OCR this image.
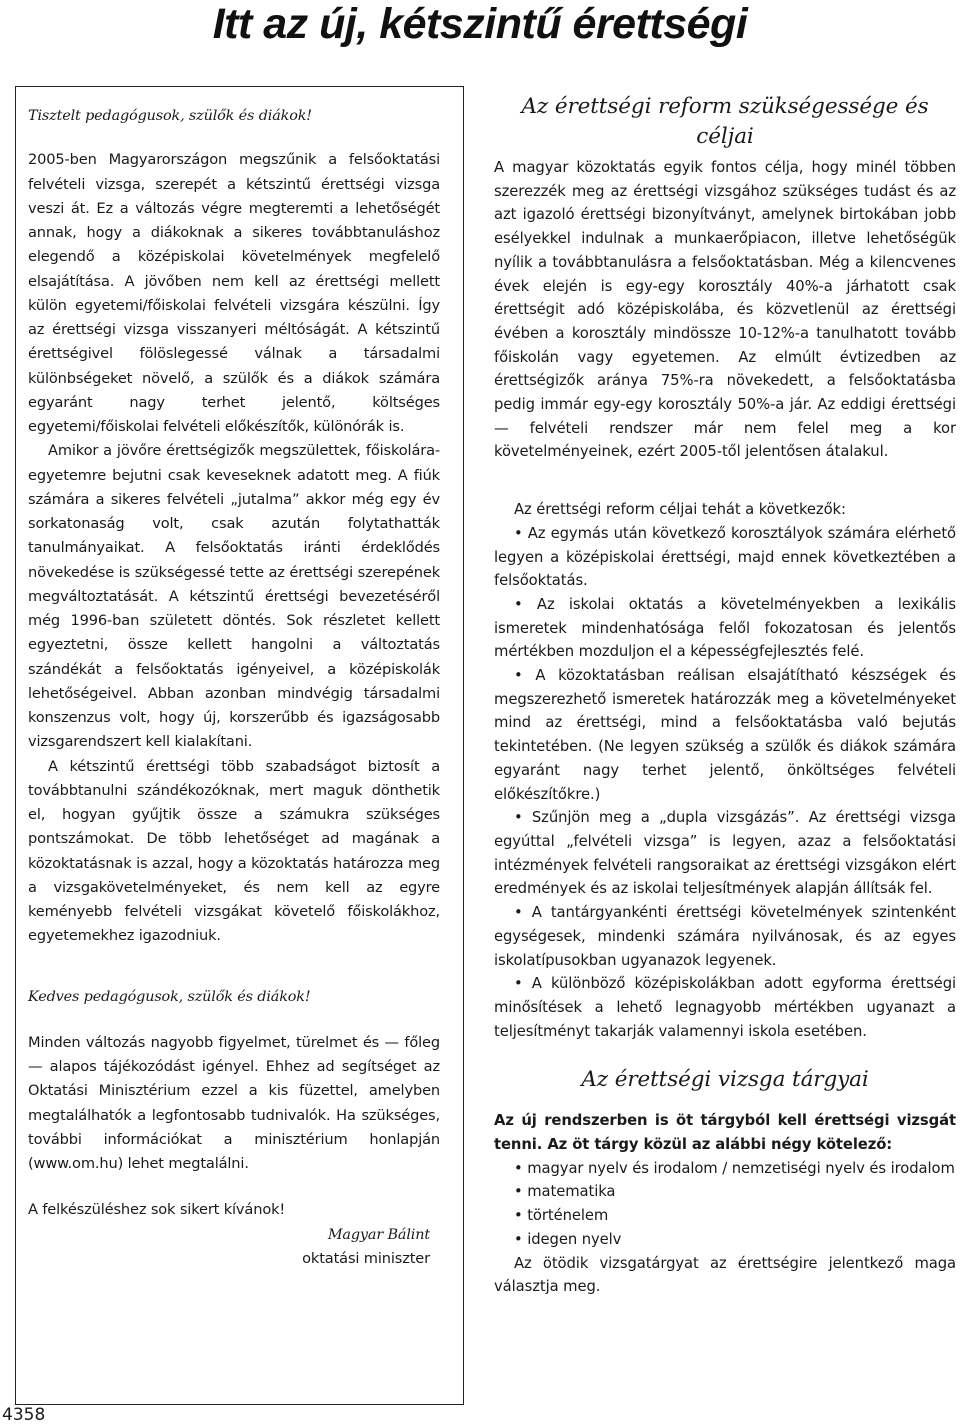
Itt az új, kétszintű érettségi

Tisztelt pedagógusok, szülők és diákok!

2005-ben Magyarországon megszűnik a felsőoktatási felvételi vizsga, szerepét a kétszintű érettségi vizsga veszi át. Ez a változás végre megteremti a lehetőségét annak, hogy a diákoknak a sikeres továbbtanuláshoz elegendő a középiskolai követelmények megfelelő elsajátítása. A jövőben nem kell az érettségi mellett külön egyetemi/főiskolai felvételi vizsgára készülni. Így az érettségi vizsga visszanyeri méltóságát. A kétszintű érettségivel fölöslegessé válnak a társadalmi különbségeket növelő, a szülők és a diákok számára egyaránt nagy terhet jelentő, költséges egyetemi/főiskolai felvételi előkészítők, különórák is.

Amikor a jövőre érettségizők megszülettek, főiskolára-egyetemre bejutni csak keveseknek adatott meg. A fiúk számára a sikeres felvételi „jutalma” akkor még egy év sorkatonaság volt, csak azután folytathatták tanulmányaikat. A felsőoktatás iránti érdeklődés növekedése is szükségessé tette az érettségi szerepének megváltoztatását. A kétszintű érettségi bevezetéséről még 1996-ban született döntés. Sok részletet kellett egyeztetni, össze kellett hangolni a változtatás szándékát a felsőoktatás igényeivel, a középiskolák lehetőségeivel. Abban azonban mindvégig társadalmi konszenzus volt, hogy új, korszerűbb és igazságosabb vizsgarendszert kell kialakítani.

A kétszintű érettségi több szabadságot biztosít a továbbtanulni szándékozóknak, mert maguk dönthetik el, hogyan gyűjtik össze a számukra szükséges pontszámokat. De több lehetőséget ad magának a közoktatásnak is azzal, hogy a közoktatás határozza meg a vizsgakövetelményeket, és nem kell az egyre keményebb felvételi vizsgákat követelő főiskolákhoz, egyetemekhez igazodniuk.

Kedves pedagógusok, szülők és diákok!

Minden változás nagyobb figyelmet, türelmet és — főleg — alapos tájékozódást igényel. Ehhez ad segítséget az Oktatási Minisztérium ezzel a kis füzettel, amelyben megtalálhatók a legfontosabb tudnivalók. Ha szükséges, további információkat a minisztérium honlapján (www.om.hu) lehet megtalálni.

A felkészüléshez sok sikert kívánok!

Magyar Bálint

oktatási miniszter

Az érettségi reform szükségessége és céljai

A magyar közoktatás egyik fontos célja, hogy minél többen szerezzék meg az érettségi vizsgához szükséges tudást és az azt igazoló érettségi bizonyítványt, amelynek birtokában jobb esélyekkel indulnak a munkaerőpiacon, illetve lehetőségük nyílik a továbbtanulásra a felsőoktatásban. Még a kilencvenes évek elején is egy-egy korosztály 40%-a járhatott csak érettségit adó középiskolába, és közvetlenül az érettségi évében a korosztály mindössze 10-12%-a tanulhatott tovább főiskolán vagy egyetemen. Az elmúlt évtizedben az érettségizők aránya 75%-ra növekedett, a felsőoktatásba pedig immár egy-egy korosztály 50%-a jár. Az eddigi érettségi — felvételi rendszer már nem felel meg a kor követelményeinek, ezért 2005-től jelentősen átalakul.

Az érettségi reform céljai tehát a következők:

• Az egymás után következő korosztályok számára elérhető legyen a középiskolai érettségi, majd ennek következtében a felsőoktatás.

• Az iskolai oktatás a követelményekben a lexikális ismeretek mindenhatósága felől fokozatosan és jelentős mértékben mozduljon el a képességfejlesztés felé.

• A közoktatásban reálisan elsajátítható készségek és megszerezhető ismeretek határozzák meg a követelményeket mind az érettségi, mind a felsőoktatásba való bejutás tekintetében. (Ne legyen szükség a szülők és diákok számára egyaránt nagy terhet jelentő, önköltséges felvételi előkészítőkre.)

• Szűnjön meg a „dupla vizsgázás”. Az érettségi vizsga egyúttal „felvételi vizsga” is legyen, azaz a felsőoktatási intézmények felvételi rangsoraikat az érettségi vizsgákon elért eredmények és az iskolai teljesítmények alapján állítsák fel.

• A tantárgyankénti érettségi követelmények szintenként egységesek, mindenki számára nyilvánosak, és az egyes iskolatípusokban ugyanazok legyenek.

• A különböző középiskolákban adott egyforma érettségi minősítések a lehető legnagyobb mértékben ugyanazt a teljesítményt takarják valamennyi iskola esetében.

Az érettségi vizsga tárgyai

Az új rendszerben is öt tárgyból kell érettségi vizsgát tenni. Az öt tárgy közül az alábbi négy kötelező:

• magyar nyelv és irodalom / nemzetiségi nyelv és irodalom

• matematika

• történelem

• idegen nyelv

Az ötödik vizsgatárgyat az érettségire jelentkező maga választja meg.

4358
